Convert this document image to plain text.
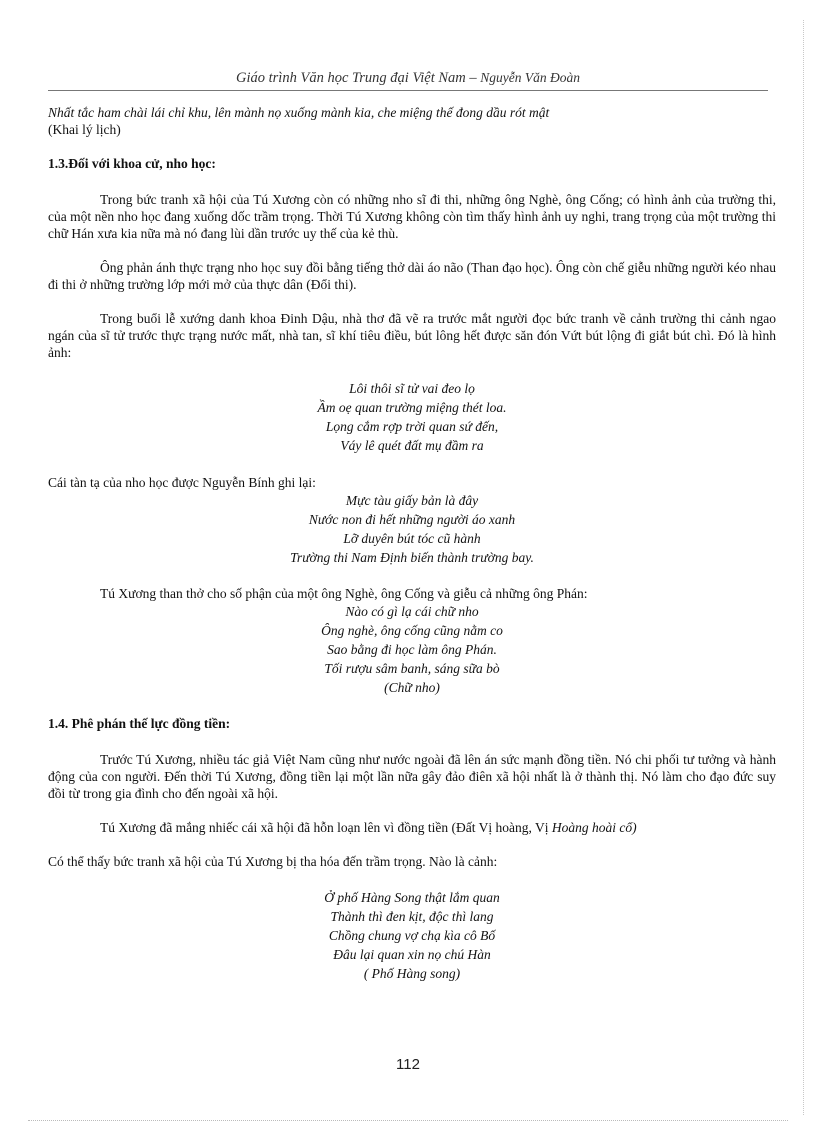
Giáo trình Văn học Trung đại Việt Nam – Nguyễn Văn Đoàn

Nhất tắc ham chài lái chỉ khu, lên mành nọ xuống mành kia, che miệng thế đong dầu rót mật

(Khai lý lịch)

1.3.Đối với khoa cử, nho học:

Trong bức tranh xã hội của Tú Xương còn có những nho sĩ đi thi, những ông Nghè, ông Cống; có hình ảnh của trường thi, của một nền nho học đang xuống dốc trầm trọng. Thời Tú Xương không còn tìm thấy hình ảnh uy nghi, trang trọng của một trường thi chữ Hán xưa kia nữa mà nó đang lùi dần trước uy thế của kẻ thù.

Ông phản ánh thực trạng nho học suy đồi bằng tiếng thở dài áo não (Than đạo học). Ông còn chế giễu những người kéo nhau đi thi ở những trường lớp mới mở của thực dân (Đổi thi).

Trong buổi lễ xướng danh khoa Đinh Dậu, nhà thơ đã vẽ ra trước mắt người đọc bức tranh về cảnh trường thi cảnh ngao ngán của sĩ tử trước thực trạng nước mất, nhà tan, sĩ khí tiêu điều, bút lông hết được săn đón Vứt bút lộng đi giắt bút chì. Đó là hình ảnh:

Lôi thôi sĩ tử vai đeo lọ
Ầm oẹ quan trường miệng thét loa.
Lọng cắm rợp trời quan sứ đến,
Váy lê quét đất mụ đầm ra

Cái tàn tạ của nho học được Nguyễn Bính ghi lại:

Mực tàu giấy bản là đây
Nước non đi hết những người áo xanh
Lỡ duyên bút tóc cũ hành
Trường thi Nam Định biến thành trường bay.

Tú Xương than thở cho số phận của một ông Nghè, ông Cống và giễu cả những ông Phán:

Nào có gì lạ cái chữ nho
Ông nghè, ông cống cũng nằm co
Sao bằng đi học làm ông Phán.
Tối rượu sâm banh, sáng sữa bò
(Chữ nho)

1.4. Phê phán thế lực đồng tiền:

Trước Tú Xương, nhiều tác giả Việt Nam cũng như nước ngoài đã lên án sức mạnh đồng tiền. Nó chi phối tư tưởng và hành động của con người. Đến thời Tú Xương, đồng tiền lại một lần nữa gây đảo điên xã hội nhất là ở thành thị. Nó làm cho đạo đức suy đồi từ trong gia đình cho đến ngoài xã hội.

Tú Xương đã mắng nhiếc cái xã hội đã hỗn loạn lên vì đồng tiền (Đất Vị hoàng, Vị Hoàng hoài cổ)

Có thể thấy bức tranh xã hội của Tú Xương bị tha hóa đến trầm trọng. Nào là cảnh:

Ở phố Hàng Song thật lắm quan
Thành thì đen kịt, độc thì lang
Chồng chung vợ chạ kìa cô Bố
Đâu lại quan xin nọ chú Hàn
( Phố Hàng song)
112
